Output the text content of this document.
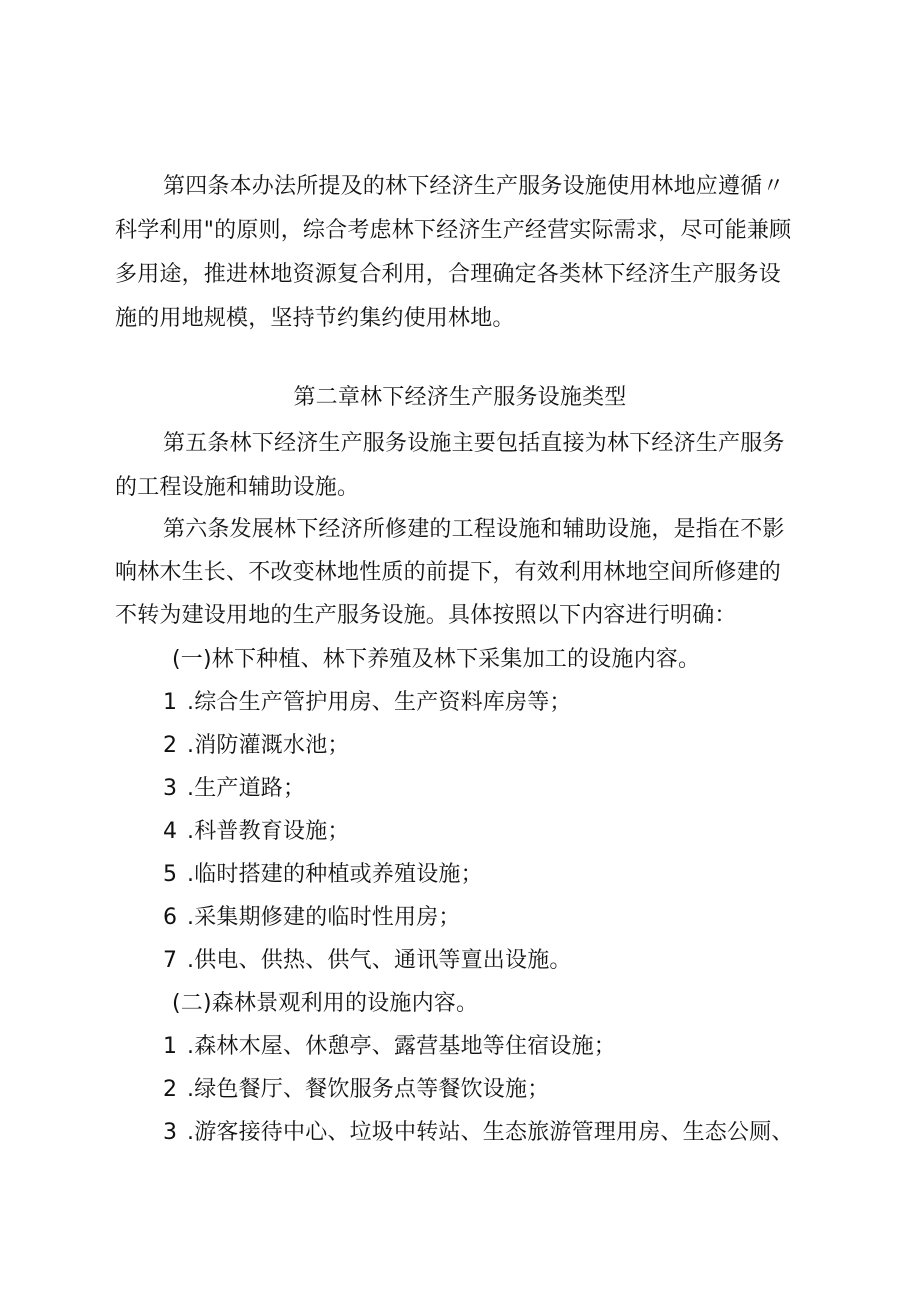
第四条本办法所提及的林下经济生产服务设施使用林地应遵循〃
科学利用"的原则，综合考虑林下经济生产经营实际需求，尽可能兼顾
多用途，推进林地资源复合利用，合理确定各类林下经济生产服务设
施的用地规模，坚持节约集约使用林地。
第二章林下经济生产服务设施类型
第五条林下经济生产服务设施主要包括直接为林下经济生产服务
的工程设施和辅助设施。
第六条发展林下经济所修建的工程设施和辅助设施，是指在不影
响林木生长、不改变林地性质的前提下，有效利用林地空间所修建的
不转为建设用地的生产服务设施。具体按照以下内容进行明确：
(一)林下种植、林下养殖及林下采集加工的设施内容。
1 .综合生产管护用房、生产资料库房等；
2 .消防灌溉水池；
3 .生产道路；
4 .科普教育设施；
5 .临时搭建的种植或养殖设施；
6 .采集期修建的临时性用房；
7 .供电、供热、供气、通讯等亶出设施。
(二)森林景观利用的设施内容。
1 .森林木屋、休憩亭、露营基地等住宿设施；
2 .绿色餐厅、餐饮服务点等餐饮设施；
3 .游客接待中心、垃圾中转站、生态旅游管理用房、生态公厕、
